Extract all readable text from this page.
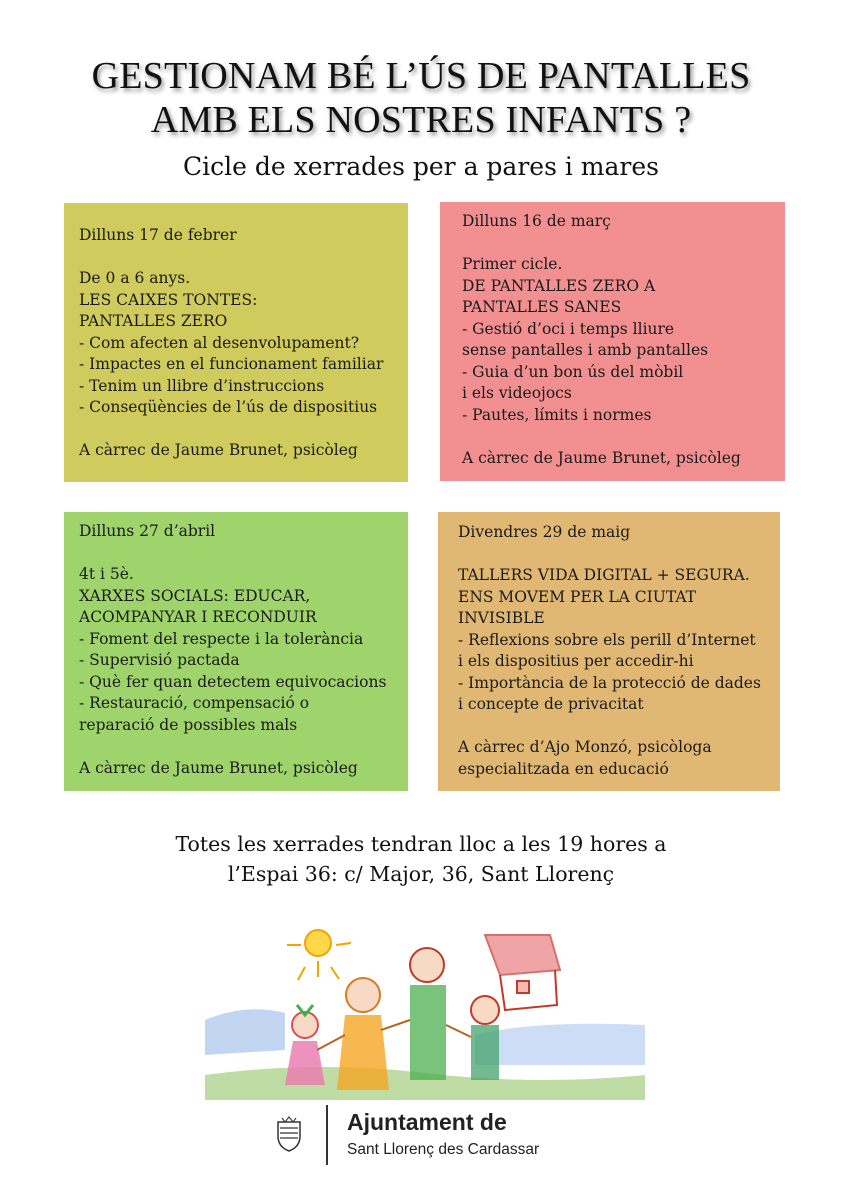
GESTIONAM BÉ L’ÚS DE PANTALLES
AMB ELS NOSTRES INFANTS ?
Cicle de xerrades per a pares i mares
Dilluns 17 de febrer
De 0 a 6 anys.
LES CAIXES TONTES:
PANTALLES ZERO
- Com afecten al desenvolupament?
- Impactes en el funcionament familiar
- Tenim un llibre d’instruccions
- Conseqüències de l’ús de dispositius
A càrrec de Jaume Brunet, psicòleg
Dilluns 16 de març
Primer cicle.
DE PANTALLES ZERO A
PANTALLES SANES
- Gestió d’oci i temps lliure
sense pantalles i amb pantalles
- Guia d’un bon ús del mòbil
i els videojocs
- Pautes, límits i normes
A càrrec de Jaume Brunet, psicòleg
Dilluns 27 d’abril
4t i 5è.
XARXES SOCIALS: EDUCAR,
ACOMPANYAR I RECONDUIR
- Foment del respecte i la tolerància
- Supervisió pactada
- Què fer quan detectem equivocacions
- Restauració, compensació o
reparació de possibles mals
A càrrec de Jaume Brunet, psicòleg
Divendres 29 de maig
TALLERS VIDA DIGITAL + SEGURA.
ENS MOVEM PER LA CIUTAT
INVISIBLE
- Reflexions sobre els perill d’Internet
i els dispositius per accedir-hi
- Importància de la protecció de dades
i concepte de privacitat
A càrrec d’Ajo Monzó, psicòloga
especialitzada en educació
Totes les xerrades tendran lloc a les 19 hores a
l’Espai 36: c/ Major, 36, Sant Llorenç
Ajuntament de
Sant Llorenç des Cardassar
